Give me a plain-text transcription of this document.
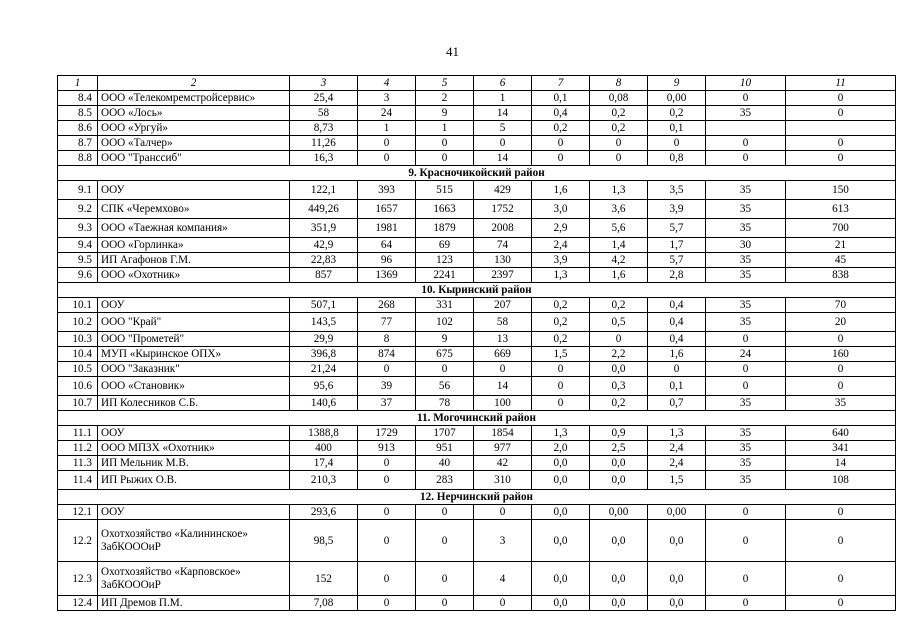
41
1	2	3	4	5	6	7	8	9	10	11
8.4	ООО «Телекомремстройсервис»	25,4	3	2	1	0,1	0,08	0,00	0	0
8.5	ООО «Лось»	58	24	9	14	0,4	0,2	0,2	35	0
8.6	ООО «Ургуй»	8,73	1	1	5	0,2	0,2	0,1		
8.7	ООО «Талчер»	11,26	0	0	0	0	0	0	0	0
8.8	ООО "Транссиб"	16,3	0	0	14	0	0	0,8	0	0
9. Красночикойский район										
9.1	ООУ	122,1	393	515	429	1,6	1,3	3,5	35	150
9.2	СПК «Черемхово»	449,26	1657	1663	1752	3,0	3,6	3,9	35	613
9.3	ООО «Таежная компания»	351,9	1981	1879	2008	2,9	5,6	5,7	35	700
9.4	ООО «Горлинка»	42,9	64	69	74	2,4	1,4	1,7	30	21
9.5	ИП Агафонов Г.М.	22,83	96	123	130	3,9	4,2	5,7	35	45
9.6	ООО «Охотник»	857	1369	2241	2397	1,3	1,6	2,8	35	838
10. Кыринский район										
10.1	ООУ	507,1	268	331	207	0,2	0,2	0,4	35	70
10.2	ООО "Край"	143,5	77	102	58	0,2	0,5	0,4	35	20
10.3	ООО "Прометей"	29,9	8	9	13	0,2	0	0,4	0	0
10.4	МУП «Кыринское ОПХ»	396,8	874	675	669	1,5	2,2	1,6	24	160
10.5	ООО "Заказник"	21,24	0	0	0	0	0,0	0	0	0
10.6	ООО «Становик»	95,6	39	56	14	0	0,3	0,1	0	0
10.7	ИП Колесников С.Б.	140,6	37	78	100	0	0,2	0,7	35	35
11. Могочинский район										
11.1	ООУ	1388,8	1729	1707	1854	1,3	0,9	1,3	35	640
11.2	ООО МПЗХ «Охотник»	400	913	951	977	2,0	2,5	2,4	35	341
11.3	ИП Мельник М.В.	17,4	0	40	42	0,0	0,0	2,4	35	14
11.4	ИП Рыжих О.В.	210,3	0	283	310	0,0	0,0	1,5	35	108
12. Нерчинский район										
12.1	ООУ	293,6	0	0	0	0,0	0,00	0,00	0	0
12.2	Охотхозяйство «Калининское» ЗабКОООиР	98,5	0	0	3	0,0	0,0	0,0	0	0
12.3	Охотхозяйство «Карповское» ЗабКОООиР	152	0	0	4	0,0	0,0	0,0	0	0
12.4	ИП Дремов П.М.	7,08	0	0	0	0,0	0,0	0,0	0	0
